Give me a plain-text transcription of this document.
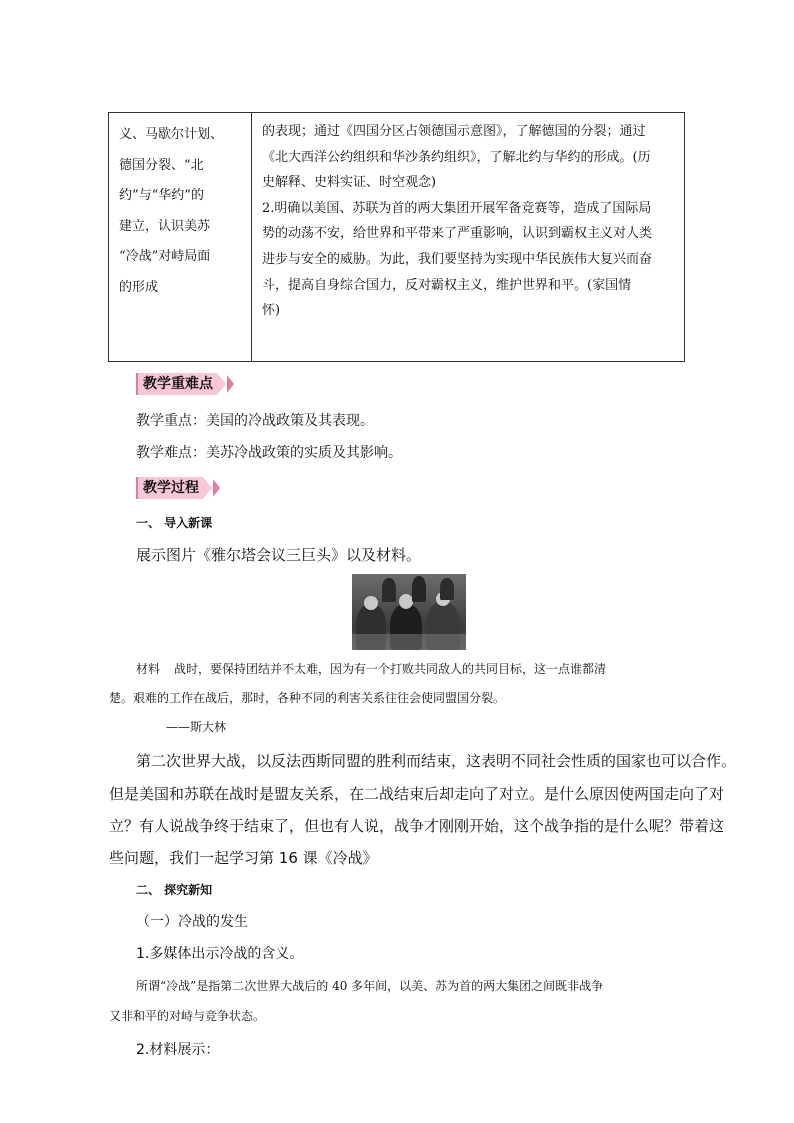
义、马歇尔计划、
德国分裂、“北
约”与“华约”的
建立，认识美苏
“冷战”对峙局面
的形成
的表现；通过《四国分区占领德国示意图》，了解德国的分裂；通过
《北大西洋公约组织和华沙条约组织》，了解北约与华约的形成。(历
史解释、史料实证、时空观念)
2.明确以美国、苏联为首的两大集团开展军备竞赛等，造成了国际局
势的动荡不安，给世界和平带来了严重影响，认识到霸权主义对人类
进步与安全的威胁。为此，我们要坚持为实现中华民族伟大复兴而奋
斗，提高自身综合国力，反对霸权主义，维护世界和平。(家国情
怀)
教学重难点
教学重点：美国的冷战政策及其表现。
教学难点：美苏冷战政策的实质及其影响。
教学过程
一、 导入新课
展示图片《雅尔塔会议三巨头》以及材料。
材料 战时，要保持团结并不太难，因为有一个打败共同敌人的共同目标，这一点谁都清
楚。艰难的工作在战后，那时，各种不同的利害关系往往会使同盟国分裂。
——斯大林
第二次世界大战，以反法西斯同盟的胜利而结束，这表明不同社会性质的国家也可以合作。
但是美国和苏联在战时是盟友关系，在二战结束后却走向了对立。是什么原因使两国走向了对
立？有人说战争终于结束了，但也有人说，战争才刚刚开始，这个战争指的是什么呢？带着这
些问题，我们一起学习第 16 课《冷战》
二、 探究新知
（一）冷战的发生
1.多媒体出示冷战的含义。
所谓“冷战”是指第二次世界大战后的 40 多年间，以美、苏为首的两大集团之间既非战争
又非和平的对峙与竞争状态。
2.材料展示：
